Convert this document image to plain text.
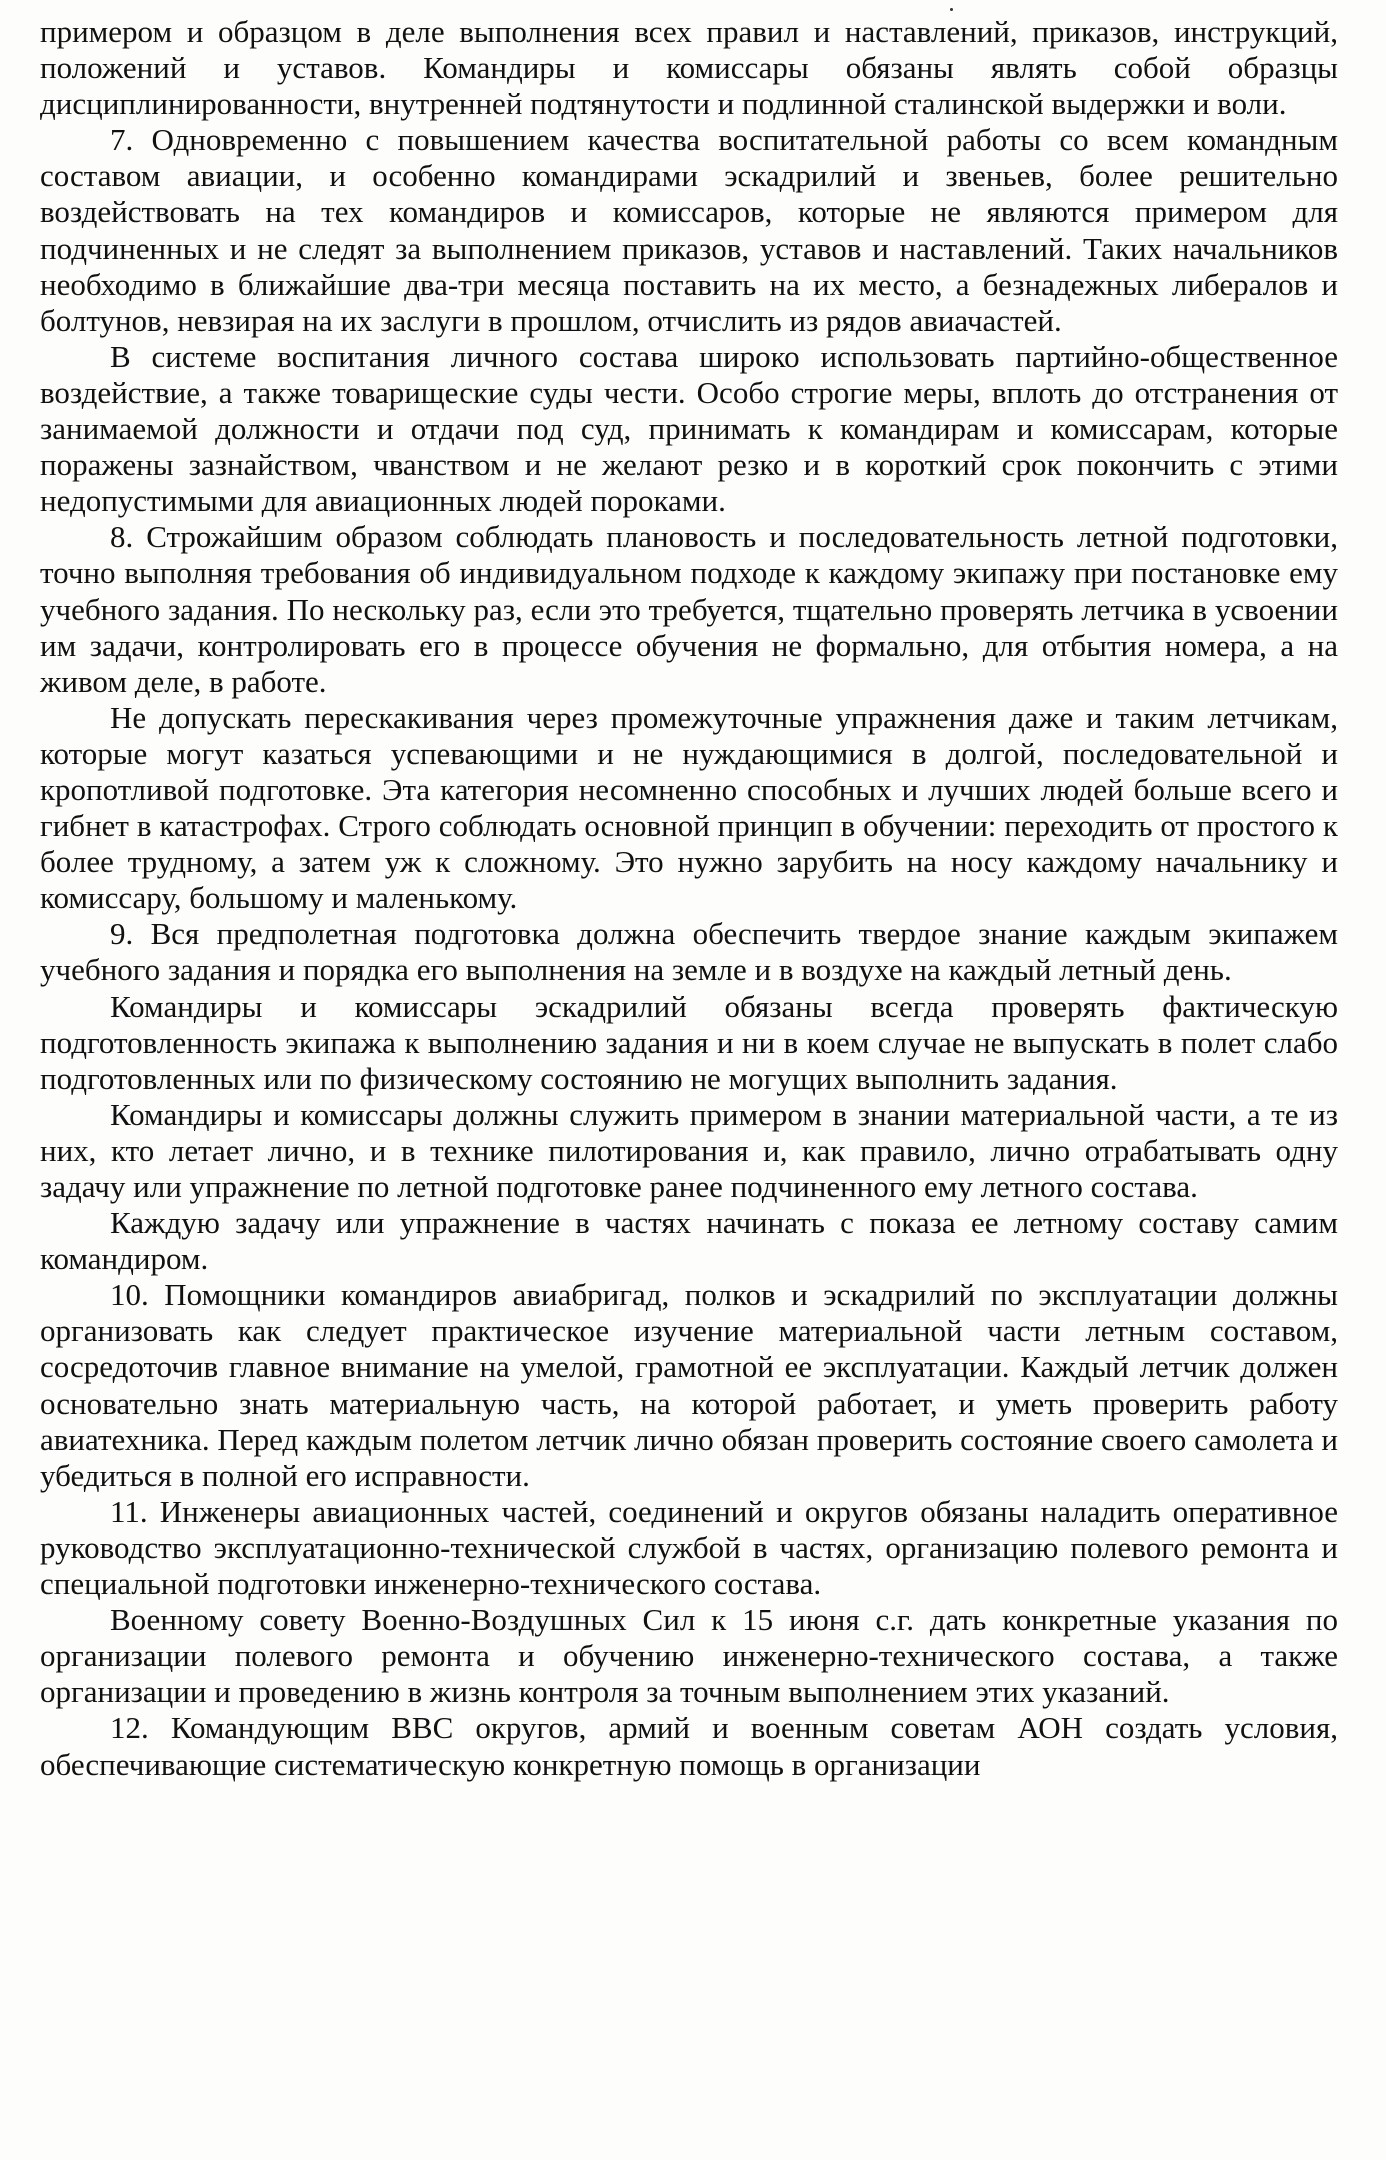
примером и образцом в деле выполнения всех правил и наставлений, приказов, инструкций, положений и уставов. Командиры и комиссары обязаны являть собой образцы дисциплинированности, внутренней подтянутости и подлинной сталинской выдержки и воли.

7. Одновременно с повышением качества воспитательной работы со всем командным составом авиации, и особенно командирами эскадрилий и звеньев, более решительно воздействовать на тех командиров и комиссаров, которые не являются примером для подчиненных и не следят за выполнением приказов, уставов и наставлений. Таких начальников необходимо в ближайшие два-три месяца поставить на их место, а безнадежных либералов и болтунов, невзирая на их заслуги в прошлом, отчислить из рядов авиачастей.

В системе воспитания личного состава широко использовать партийно-общественное воздействие, а также товарищеские суды чести. Особо строгие меры, вплоть до отстранения от занимаемой должности и отдачи под суд, принимать к командирам и комиссарам, которые поражены зазнайством, чванством и не желают резко и в короткий срок покончить с этими недопустимыми для авиационных людей пороками.

8. Строжайшим образом соблюдать плановость и последовательность летной подготовки, точно выполняя требования об индивидуальном подходе к каждому экипажу при постановке ему учебного задания. По нескольку раз, если это требуется, тщательно проверять летчика в усвоении им задачи, контролировать его в процессе обучения не формально, для отбытия номера, а на живом деле, в работе.

Не допускать перескакивания через промежуточные упражнения даже и таким летчикам, которые могут казаться успевающими и не нуждающимися в долгой, последовательной и кропотливой подготовке. Эта категория несомненно способных и лучших людей больше всего и гибнет в катастрофах. Строго соблюдать основной принцип в обучении: переходить от простого к более трудному, а затем уж к сложному. Это нужно зарубить на носу каждому начальнику и комиссару, большому и маленькому.

9. Вся предполетная подготовка должна обеспечить твердое знание каждым экипажем учебного задания и порядка его выполнения на земле и в воздухе на каждый летный день.

Командиры и комиссары эскадрилий обязаны всегда проверять фактическую подготовленность экипажа к выполнению задания и ни в коем случае не выпускать в полет слабо подготовленных или по физическому состоянию не могущих выполнить задания.

Командиры и комиссары должны служить примером в знании материальной части, а те из них, кто летает лично, и в технике пилотирования и, как правило, лично отрабатывать одну задачу или упражнение по летной подготовке ранее подчиненного ему летного состава.

Каждую задачу или упражнение в частях начинать с показа ее летному составу самим командиром.

10. Помощники командиров авиабригад, полков и эскадрилий по эксплуатации должны организовать как следует практическое изучение материальной части летным составом, сосредоточив главное внимание на умелой, грамотной ее эксплуатации. Каждый летчик должен основательно знать материальную часть, на которой работает, и уметь проверить работу авиатехника. Перед каждым полетом летчик лично обязан проверить состояние своего самолета и убедиться в полной его исправности.

11. Инженеры авиационных частей, соединений и округов обязаны наладить оперативное руководство эксплуатационно-технической службой в частях, организацию полевого ремонта и специальной подготовки инженерно-технического состава.

Военному совету Военно-Воздушных Сил к 15 июня с.г. дать конкретные указания по организации полевого ремонта и обучению инженерно-технического состава, а также организации и проведению в жизнь контроля за точным выполнением этих указаний.

12. Командующим ВВС округов, армий и военным советам АОН создать условия, обеспечивающие систематическую конкретную помощь в организации
